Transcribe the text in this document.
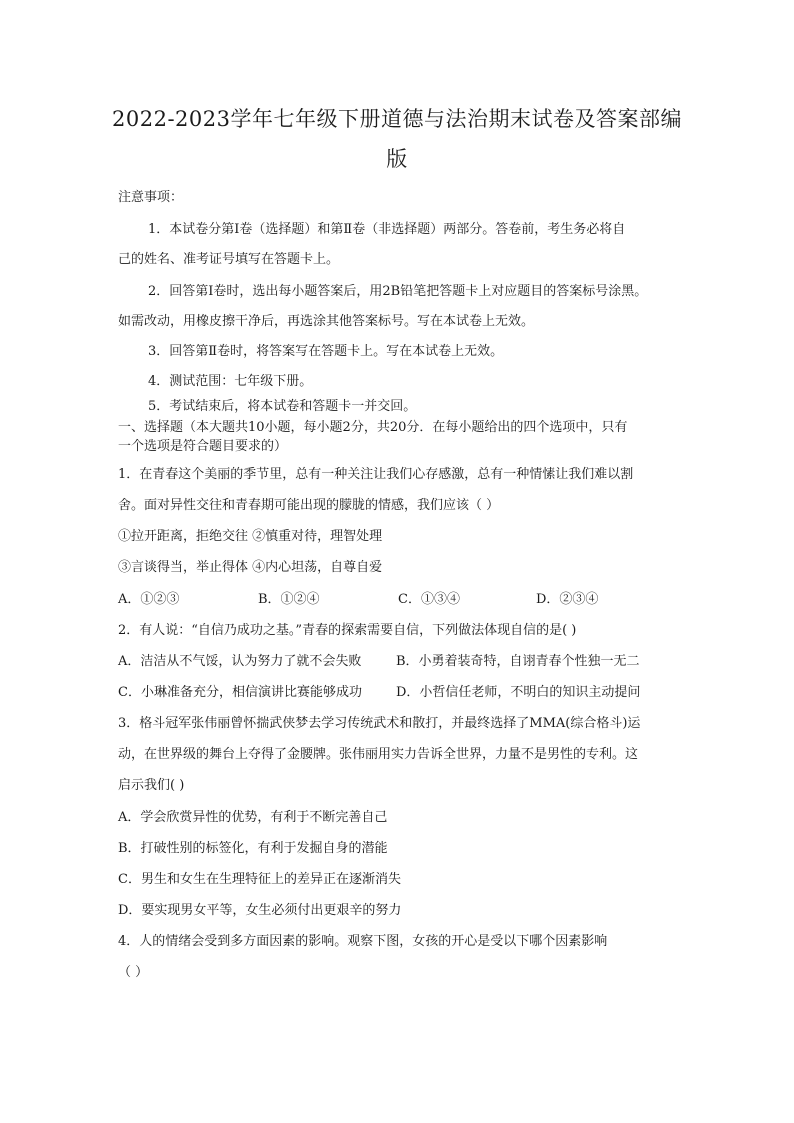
2022-2023学年七年级下册道德与法治期末试卷及答案部编
版
注意事项：
1．本试卷分第Ⅰ卷（选择题）和第Ⅱ卷（非选择题）两部分。答卷前，考生务必将自
己的姓名、准考证号填写在答题卡上。
2．回答第Ⅰ卷时，选出每小题答案后，用2B铅笔把答题卡上对应题目的答案标号涂黑。
如需改动，用橡皮擦干净后，再选涂其他答案标号。写在本试卷上无效。
3．回答第Ⅱ卷时，将答案写在答题卡上。写在本试卷上无效。
4．测试范围：七年级下册。
5．考试结束后，将本试卷和答题卡一并交回。
一、选择题（本大题共10小题，每小题2分，共20分．在每小题给出的四个选项中，只有
一个选项是符合题目要求的）
1．在青春这个美丽的季节里，总有一种关注让我们心存感激，总有一种情愫让我们难以割
舍。面对异性交往和青春期可能出现的朦胧的情感，我们应该（ ）
①拉开距离，拒绝交往 ②慎重对待，理智处理
③言谈得当，举止得体 ④内心坦荡，自尊自爱
A．①②③	B．①②④	C．①③④	D．②③④
2．有人说：“自信乃成功之基。”青春的探索需要自信，下列做法体现自信的是( )
A．洁洁从不气馁，认为努力了就不会失败	B．小勇着装奇特，自诩青春个性独一无二
C．小琳准备充分，相信演讲比赛能够成功	D．小哲信任老师，不明白的知识主动提问
3．格斗冠军张伟丽曾怀揣武侠梦去学习传统武术和散打，并最终选择了MMA(综合格斗)运
动，在世界级的舞台上夺得了金腰牌。张伟丽用实力告诉全世界，力量不是男性的专利。这
启示我们( )
A．学会欣赏异性的优势，有利于不断完善自己
B．打破性别的标签化，有利于发掘自身的潜能
C．男生和女生在生理特征上的差异正在逐渐消失
D．要实现男女平等，女生必须付出更艰辛的努力
4．人的情绪会受到多方面因素的影响。观察下图，女孩的开心是受以下哪个因素影响
（ ）
